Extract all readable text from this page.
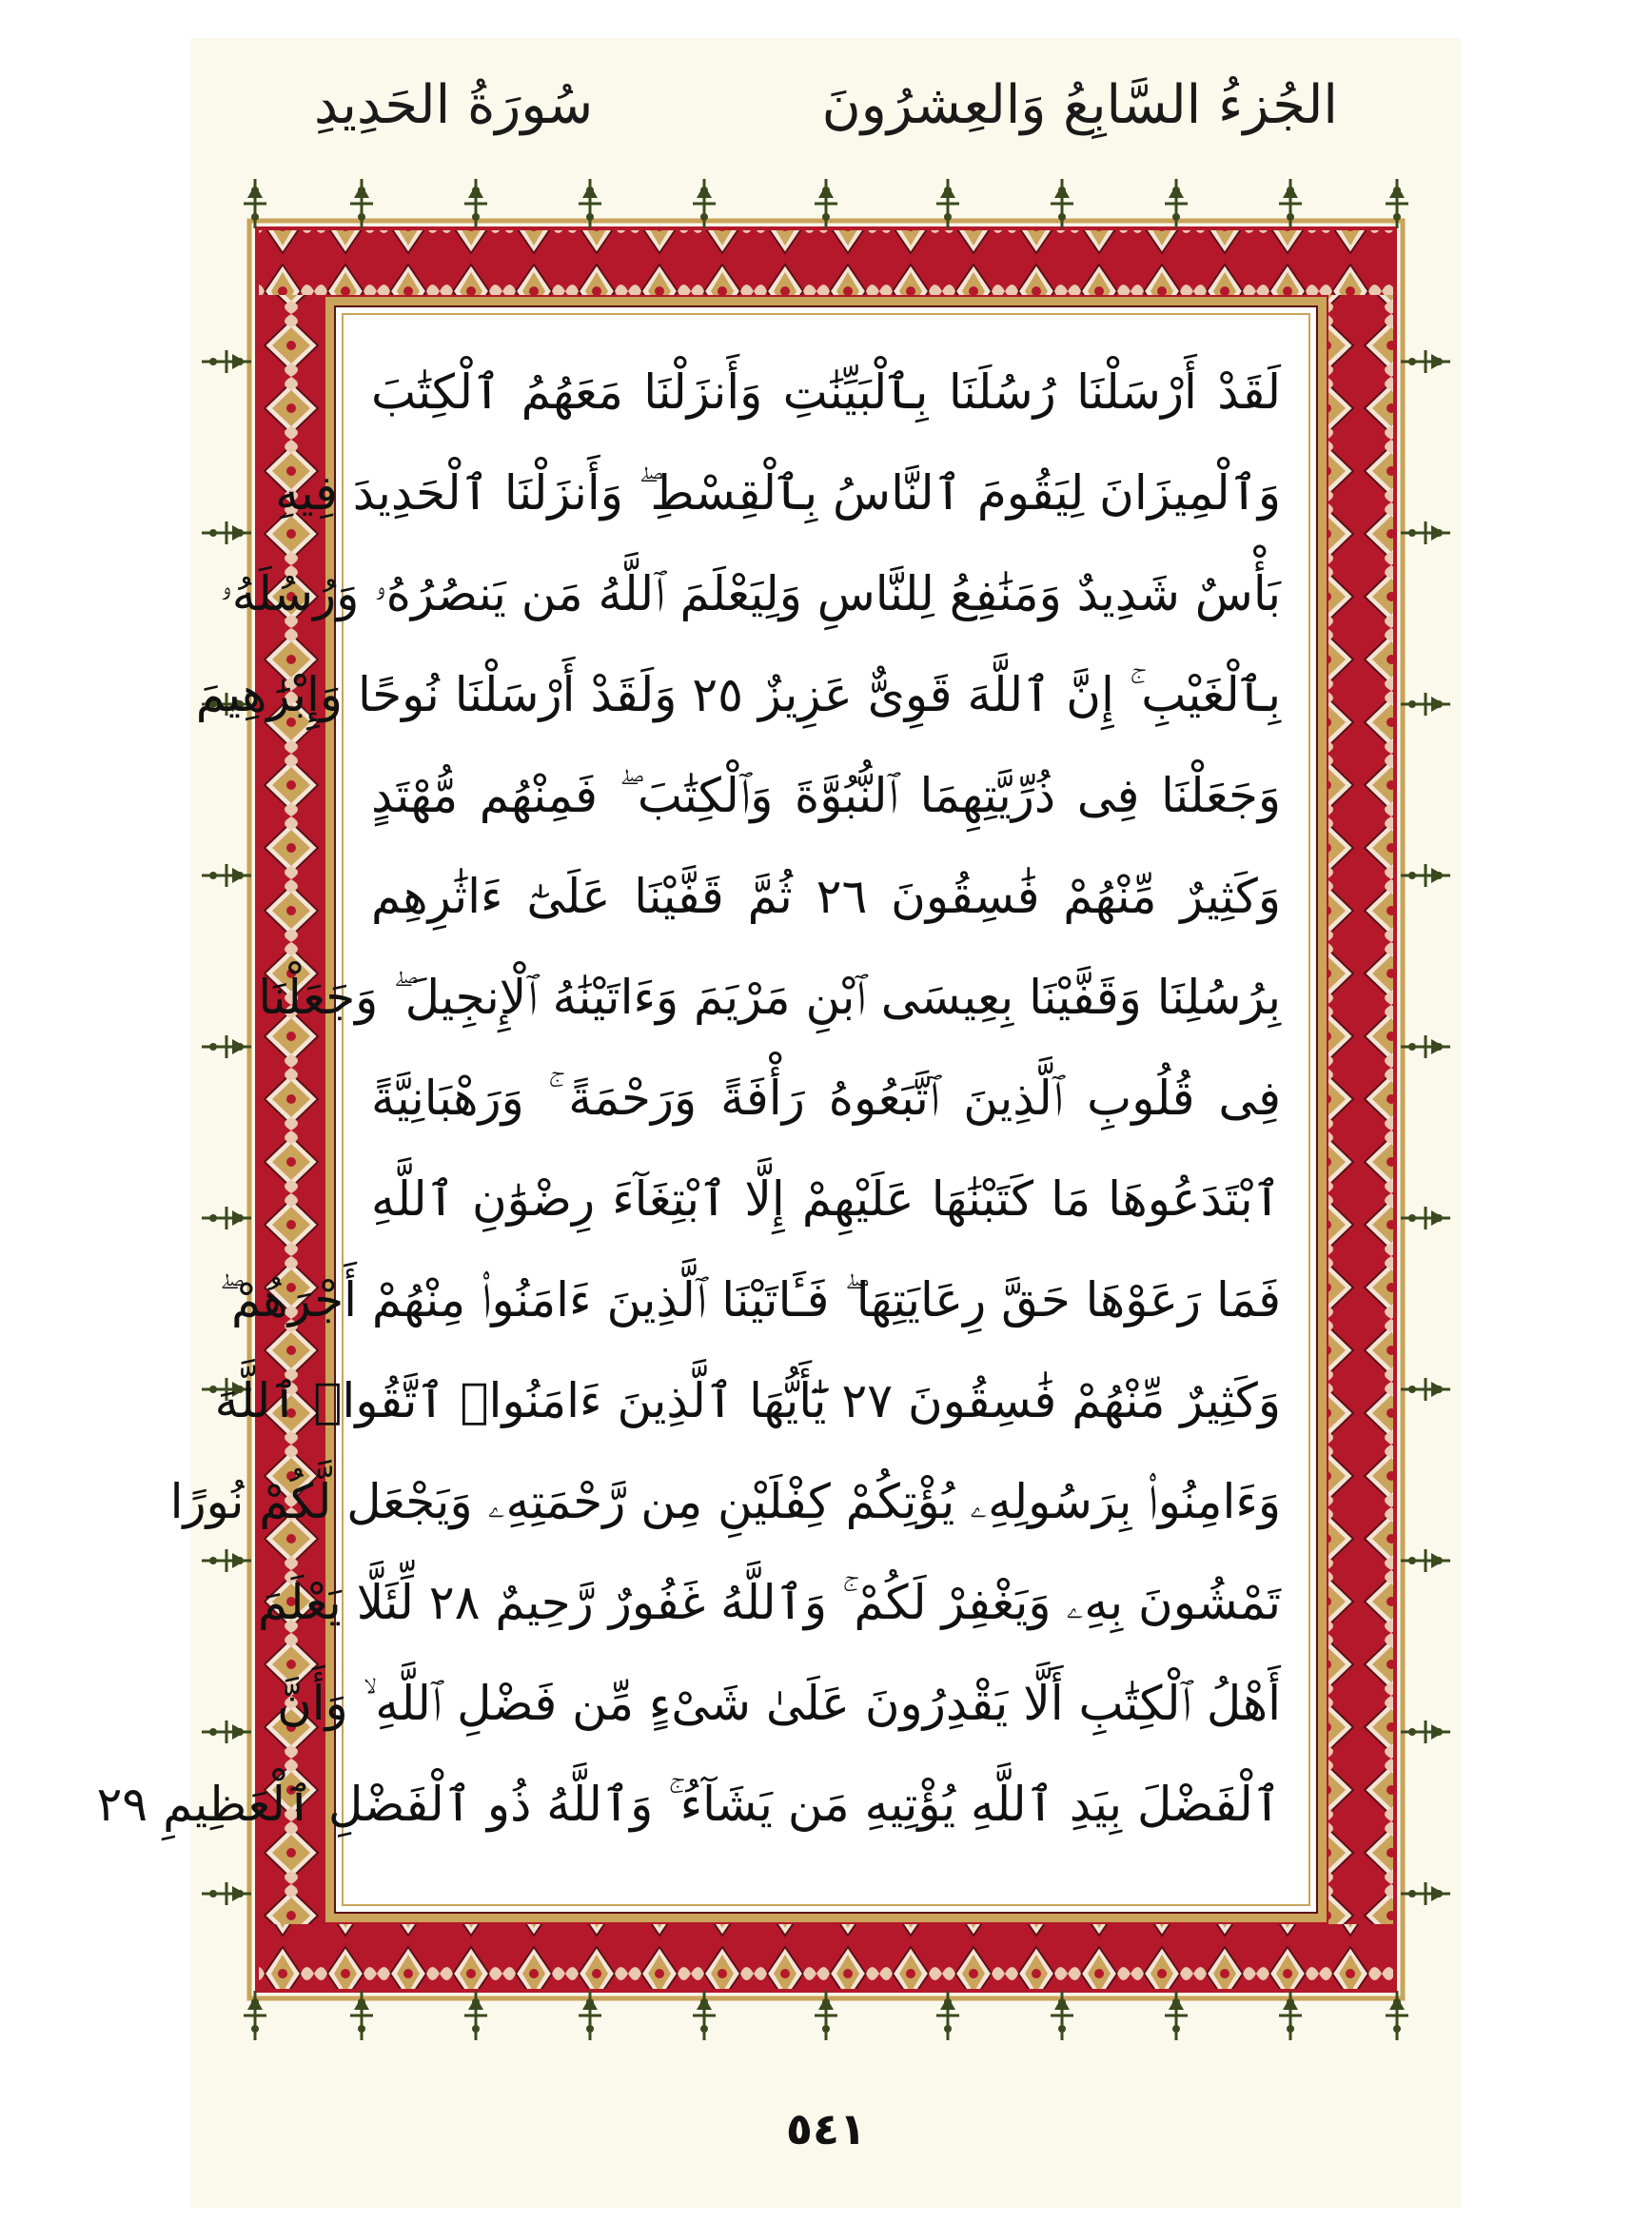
الجُزءُ السَّابِعُ وَالعِشرُونَ
سُورَةُ الحَدِيدِ
لَقَدْ أَرْسَلْنَا رُسُلَنَا بِٱلْبَيِّنَٰتِ وَأَنزَلْنَا مَعَهُمُ ٱلْكِتَٰبَ
وَٱلْمِيزَانَ لِيَقُومَ ٱلنَّاسُ بِٱلْقِسْطِ ۖ وَأَنزَلْنَا ٱلْحَدِيدَ فِيهِ
بَأْسٌ شَدِيدٌ وَمَنَٰفِعُ لِلنَّاسِ وَلِيَعْلَمَ ٱللَّهُ مَن يَنصُرُهُۥ وَرُسُلَهُۥ
بِٱلْغَيْبِ ۚ إِنَّ ٱللَّهَ قَوِىٌّ عَزِيزٌ ٢٥ وَلَقَدْ أَرْسَلْنَا نُوحًا وَإِبْرَٰهِيمَ
وَجَعَلْنَا فِى ذُرِّيَّتِهِمَا ٱلنُّبُوَّةَ وَٱلْكِتَٰبَ ۖ فَمِنْهُم مُّهْتَدٍ
وَكَثِيرٌ مِّنْهُمْ فَٰسِقُونَ ٢٦ ثُمَّ قَفَّيْنَا عَلَىٰٓ ءَاثَٰرِهِم
بِرُسُلِنَا وَقَفَّيْنَا بِعِيسَى ٱبْنِ مَرْيَمَ وَءَاتَيْنَٰهُ ٱلْإِنجِيلَ ۖ وَجَعَلْنَا
فِى قُلُوبِ ٱلَّذِينَ ٱتَّبَعُوهُ رَأْفَةً وَرَحْمَةً ۚ وَرَهْبَانِيَّةً
ٱبْتَدَعُوهَا مَا كَتَبْنَٰهَا عَلَيْهِمْ إِلَّا ٱبْتِغَآءَ رِضْوَٰنِ ٱللَّهِ
فَمَا رَعَوْهَا حَقَّ رِعَايَتِهَا ۖ فَـَٔاتَيْنَا ٱلَّذِينَ ءَامَنُوا۟ مِنْهُمْ أَجْرَهُمْ ۖ
وَكَثِيرٌ مِّنْهُمْ فَٰسِقُونَ ٢٧ يَٰٓأَيُّهَا ٱلَّذِينَ ءَامَنُوا۟ ٱتَّقُوا۟ ٱللَّهَ
وَءَامِنُوا۟ بِرَسُولِهِۦ يُؤْتِكُمْ كِفْلَيْنِ مِن رَّحْمَتِهِۦ وَيَجْعَل لَّكُمْ نُورًا
تَمْشُونَ بِهِۦ وَيَغْفِرْ لَكُمْ ۚ وَٱللَّهُ غَفُورٌ رَّحِيمٌ ٢٨ لِّئَلَّا يَعْلَمَ
أَهْلُ ٱلْكِتَٰبِ أَلَّا يَقْدِرُونَ عَلَىٰ شَىْءٍ مِّن فَضْلِ ٱللَّهِ ۙ وَأَنَّ
ٱلْفَضْلَ بِيَدِ ٱللَّهِ يُؤْتِيهِ مَن يَشَآءُ ۚ وَٱللَّهُ ذُو ٱلْفَضْلِ ٱلْعَظِيمِ ٢٩
٥٤١
